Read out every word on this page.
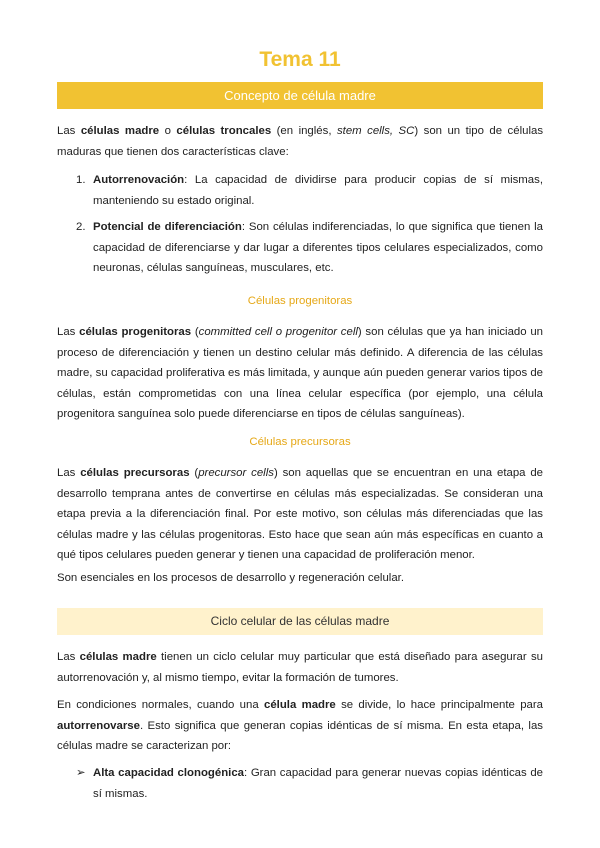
Tema 11
Concepto de célula madre

Las células madre o células troncales (en inglés, stem cells, SC) son un tipo de células maduras que tienen dos características clave:

1. Autorrenovación: La capacidad de dividirse para producir copias de sí mismas, manteniendo su estado original.

2. Potencial de diferenciación: Son células indiferenciadas, lo que significa que tienen la capacidad de diferenciarse y dar lugar a diferentes tipos celulares especializados, como neuronas, células sanguíneas, musculares, etc.

Células progenitoras

Las células progenitoras (committed cell o progenitor cell) son células que ya han iniciado un proceso de diferenciación y tienen un destino celular más definido. A diferencia de las células madre, su capacidad proliferativa es más limitada, y aunque aún pueden generar varios tipos de células, están comprometidas con una línea celular específica (por ejemplo, una célula progenitora sanguínea solo puede diferenciarse en tipos de células sanguíneas).

Células precursoras

Las células precursoras (precursor cells) son aquellas que se encuentran en una etapa de desarrollo temprana antes de convertirse en células más especializadas. Se consideran una etapa previa a la diferenciación final. Por este motivo, son células más diferenciadas que las células madre y las células progenitoras. Esto hace que sean aún más específicas en cuanto a qué tipos celulares pueden generar y tienen una capacidad de proliferación menor.

Son esenciales en los procesos de desarrollo y regeneración celular.

Ciclo celular de las células madre

Las células madre tienen un ciclo celular muy particular que está diseñado para asegurar su autorrenovación y, al mismo tiempo, evitar la formación de tumores.

En condiciones normales, cuando una célula madre se divide, lo hace principalmente para autorrenovarse. Esto significa que generan copias idénticas de sí misma. En esta etapa, las células madre se caracterizan por:

➢ Alta capacidad clonogénica: Gran capacidad para generar nuevas copias idénticas de sí mismas.
